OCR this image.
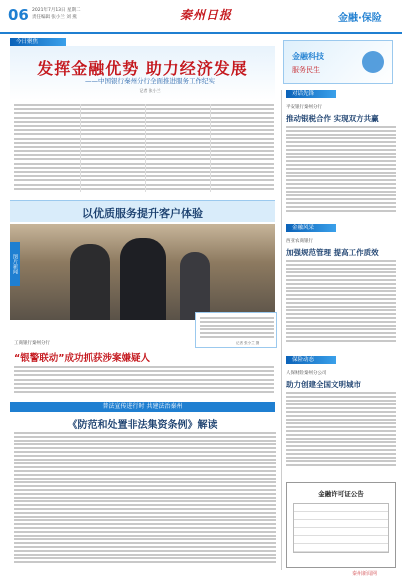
06 2021年7月13日 星期二
责任编辑 张小兰 刘 燕	秦州日报	金融·保险
今日聚焦
发挥金融优势 助力经济发展
——中国银行秦州分行全面推进服务工作纪实
记者 张小兰
金融科技
服务民生
以优质服务提升客户体验
图片新闻
记者 张小兰 摄
工商银行秦州分行
“银警联动”成功抓获涉案嫌疑人
普法宣传进行时 共建法治秦州
《防范和处置非法集资条例》解读
对话先锋
平安银行秦州分行
推动银税合作 实现双方共赢
金融风采
西亚农商银行
加强规范管理 提高工作质效
保险动态
人保财险秦州分公司
助力创建全国文明城市
金融许可证公告
秦州新闻网
